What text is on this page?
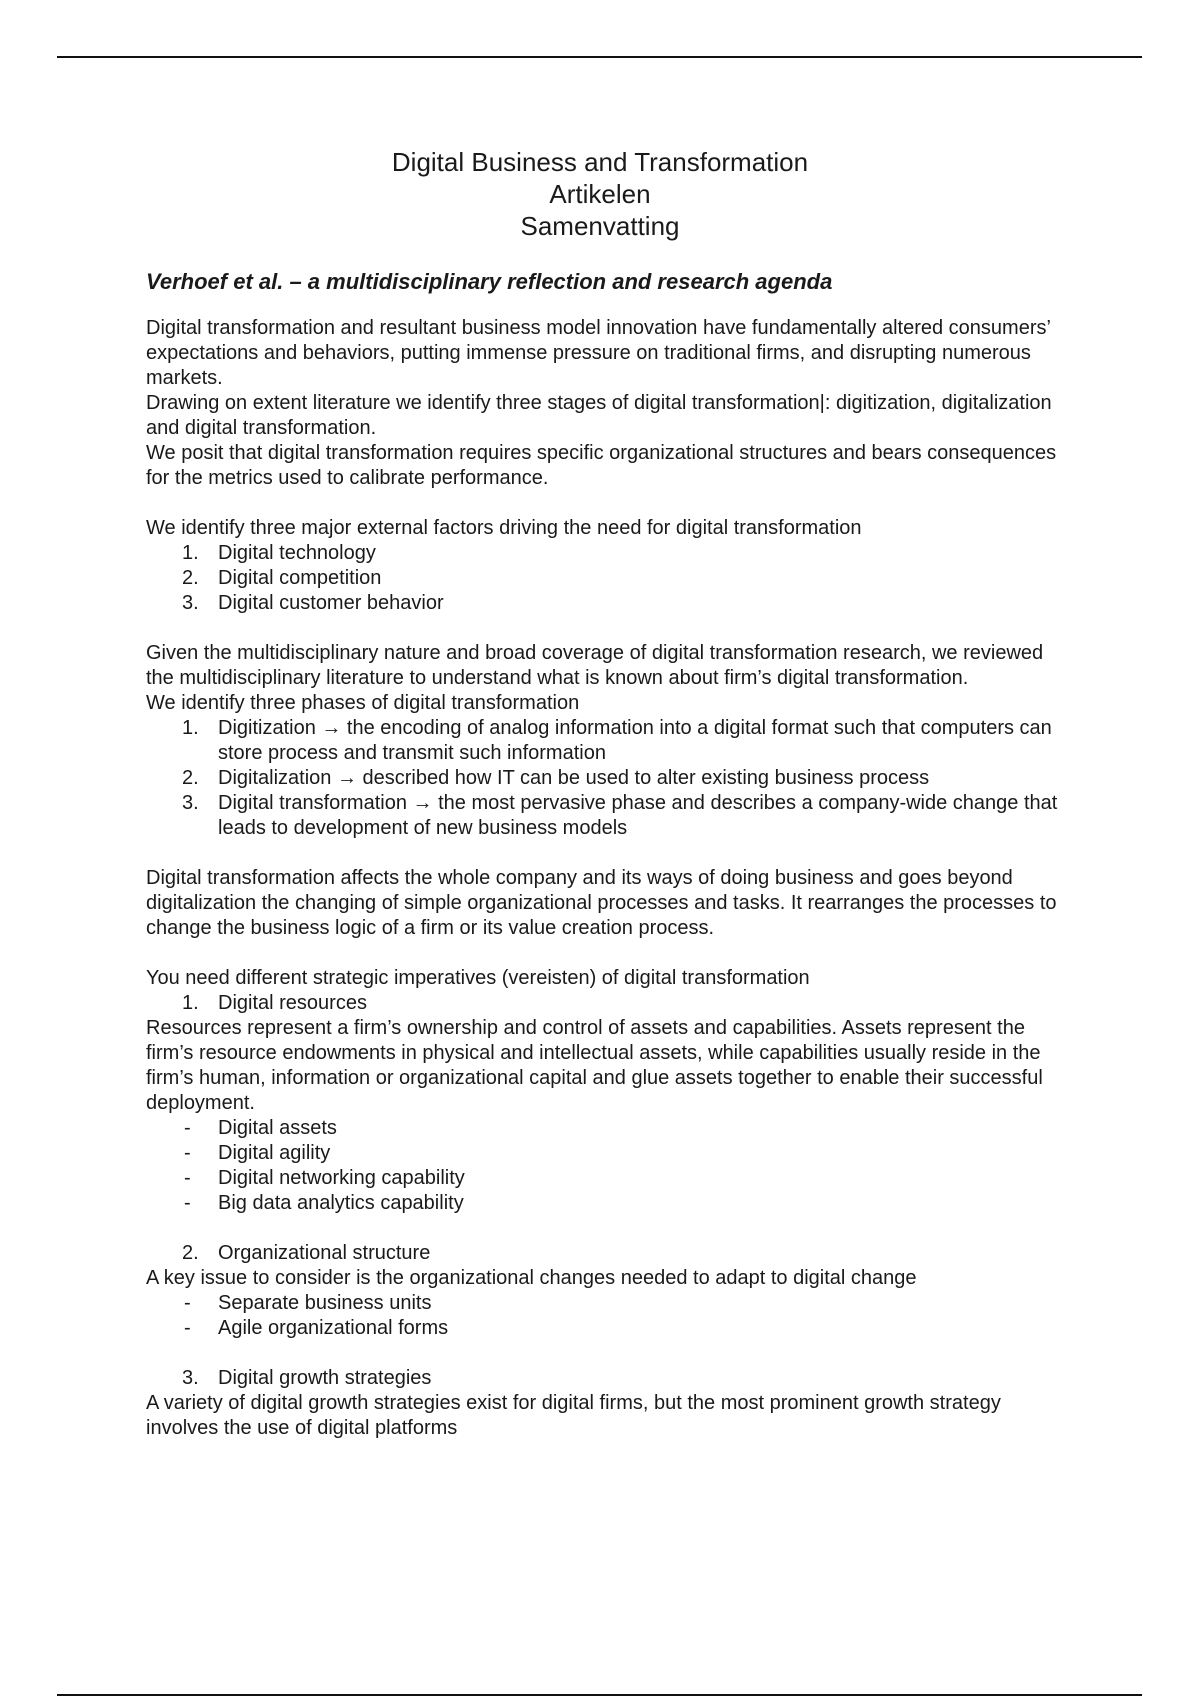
Digital Business and Transformation
Artikelen
Samenvatting
Verhoef et al. – a multidisciplinary reflection and research agenda

Digital transformation and resultant business model innovation have fundamentally altered consumers’ expectations and behaviors, putting immense pressure on traditional firms, and disrupting numerous markets.

Drawing on extent literature we identify three stages of digital transformation|: digitization, digitalization and digital transformation.

We posit that digital transformation requires specific organizational structures and bears consequences for the metrics used to calibrate performance.

We identify three major external factors driving the need for digital transformation

1. Digital technology
2. Digital competition
3. Digital customer behavior

Given the multidisciplinary nature and broad coverage of digital transformation research, we reviewed the multidisciplinary literature to understand what is known about firm’s digital transformation.

We identify three phases of digital transformation

1. Digitization → the encoding of analog information into a digital format such that computers can store process and transmit such information
2. Digitalization → described how IT can be used to alter existing business process
3. Digital transformation → the most pervasive phase and describes a company-wide change that leads to development of new business models

Digital transformation affects the whole company and its ways of doing business and goes beyond digitalization the changing of simple organizational processes and tasks. It rearranges the processes to change the business logic of a firm or its value creation process.

You need different strategic imperatives (vereisten) of digital transformation

1. Digital resources

Resources represent a firm’s ownership and control of assets and capabilities. Assets represent the firm’s resource endowments in physical and intellectual assets, while capabilities usually reside in the firm’s human, information or organizational capital and glue assets together to enable their successful deployment.

- Digital assets
- Digital agility
- Digital networking capability
- Big data analytics capability
2. Organizational structure

A key issue to consider is the organizational changes needed to adapt to digital change

- Separate business units
- Agile organizational forms
3. Digital growth strategies

A variety of digital growth strategies exist for digital firms, but the most prominent growth strategy involves the use of digital platforms
